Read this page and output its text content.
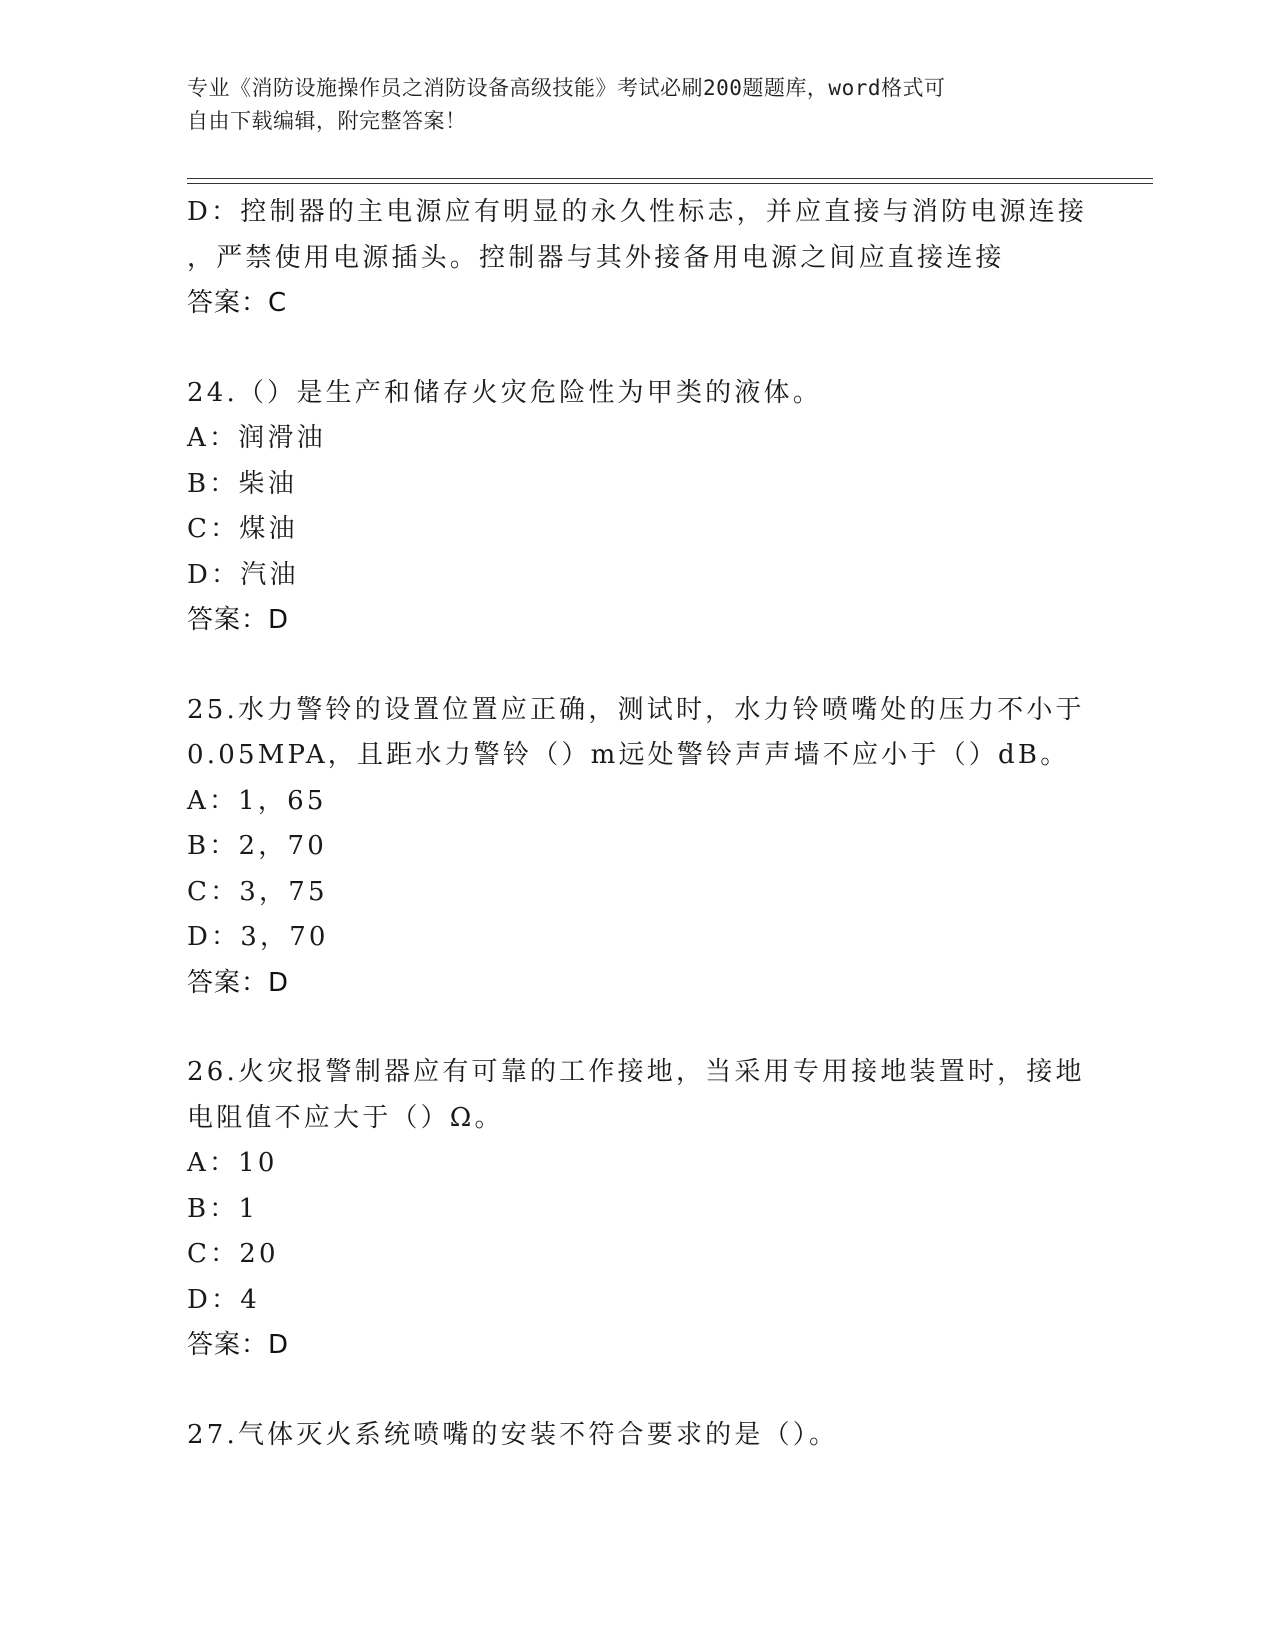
专业《消防设施操作员之消防设备高级技能》考试必刷200题题库，word格式可
自由下载编辑，附完整答案！
D：控制器的主电源应有明显的永久性标志，并应直接与消防电源连接
，严禁使用电源插头。控制器与其外接备用电源之间应直接连接
答案：C
24.（）是生产和储存火灾危险性为甲类的液体。
A：润滑油
B：柴油
C：煤油
D：汽油
答案：D
25.水力警铃的设置位置应正确，测试时，水力铃喷嘴处的压力不小于
0.05MPA，且距水力警铃（）m远处警铃声声墙不应小于（）dB。
A：1，65
B：2，70
C：3，75
D：3，70
答案：D
26.火灾报警制器应有可靠的工作接地，当采用专用接地装置时，接地
电阻值不应大于（）Ω。
A：10
B：1
C：20
D：4
答案：D
27.气体灭火系统喷嘴的安装不符合要求的是（）。
